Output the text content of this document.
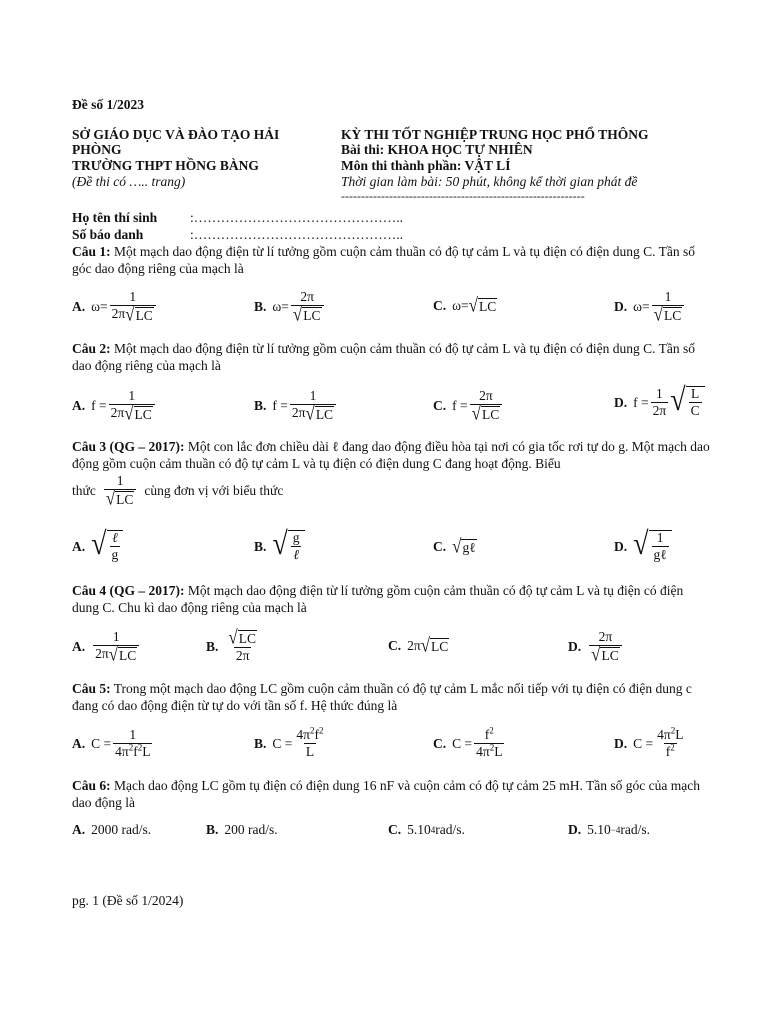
Đề số 1/2023
SỞ GIÁO DỤC VÀ ĐÀO TẠO HẢI
PHÒNG
TRƯỜNG THPT HỒNG BÀNG
(Đề thi có ….. trang)
KỲ THI TỐT NGHIỆP TRUNG HỌC PHỔ THÔNG
Bài thi: KHOA HỌC TỰ NHIÊN
Môn thi thành phần: VẬT LÍ
Thời gian làm bài: 50 phút, không kể thời gian phát đề
-------------------------------------------------------------
Họ tên thí sinh :………………………………………..
Số báo danh	:………………………………………..
Câu 1: Một mạch dao động điện từ lí tưởng gồm cuộn cảm thuần có độ tự cảm L và tụ điện có điện dung C. Tần số góc dao động riêng của mạch là
A. $\omega = \frac{1}{2\pi √ LC}$	B. $\omega = \frac{2\pi}{√ LC}$	C. ω = √ LC	D. $\omega = \frac{1}{√ LC}$
Câu 2: Một mạch dao động điện từ lí tưởng gồm cuộn cảm thuần có độ tự cảm L và tụ điện có điện dung C. Tần số dao động riêng của mạch là
A. f
= $\frac{1}{2\pi √ LC}$	B. f
= $\frac{1}{2\pi √ LC}$	C. f
= $\frac{2\pi}{√ LC}$	D. f
= $\frac{1}{2\pi}$ √ $\frac{L}{C}$
Câu 3 (QG – 2017): Một con lắc đơn chiều dài ℓ đang dao động điều hòa tại nơi có gia tốc rơi tự do g. Một mạch dao động gồm cuộn cảm thuần có độ tự cảm L và tụ điện có điện dung C đang hoạt động. Biểu
thức $\frac{1}{√ LC}$ cùng đơn vị với biểu thức
A. √ $\frac{\text{ℓ}}{g}$	B. √ $\frac{g}{\text{ℓ}}$	C. √ gℓ	D. √ $\frac{1}{\text{gℓ}}$
Câu 4 (QG – 2017): Một mạch dao động điện từ lí tưởng gồm cuộn cảm thuần có độ tự cảm L và tụ điện có điện dung C. Chu kì dao động riêng của mạch là
A. $\frac{1}{2\pi √ LC}$	B. $\frac{√ LC}{2\pi}$	C. 2π √ LC	D. $\frac{2\pi}{√ LC}$
Câu 5: Trong một mạch dao động LC gồm cuộn cảm thuần có độ tự cảm L mắc nối tiếp với tụ điện có điện dung c đang có dao động điện từ tự do với tần số f. Hệ thức đúng là
A. C
= $\frac{1}{4\pi^2f^2L}$	B. C
= $\frac{4\pi^2f^2}{L}$	C. C
= $\frac{f^2}{4\pi^2L}$	D. C
= $\frac{4\pi^2L}{f^2}$
Câu 6: Mạch dao động LC gồm tụ điện có điện dung 16 nF và cuộn cảm có độ tự cảm 25 mH. Tần số góc của mạch dao động là
A. 2000 rad/s.	B. 200 rad/s.	C. 5.10 4 rad/s.	D. 5.10 −4 rad/s.
pg. 1 (Đề số 1/2024)
